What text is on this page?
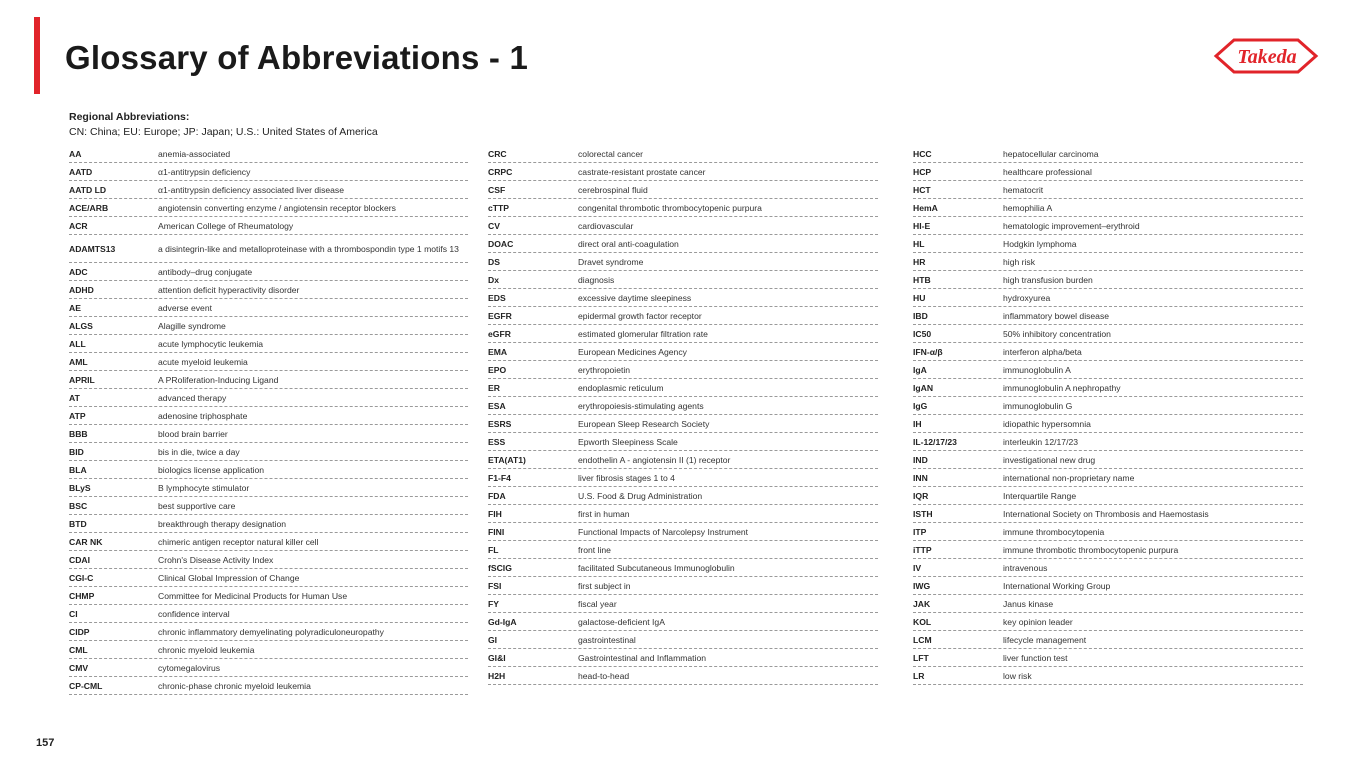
Glossary of Abbreviations - 1	Takeda
Regional Abbreviations:
CN: China; EU: Europe; JP: Japan; U.S.: United States of America
AA	anemia-associated
AATD	α1-antitrypsin deficiency
AATD LD	α1-antitrypsin deficiency associated liver disease
ACE/ARB	angiotensin converting enzyme / angiotensin receptor blockers
ACR	American College of Rheumatology
ADAMTS13	a disintegrin-like and metalloproteinase with a thrombospondin type 1 motifs 13
ADC	antibody–drug conjugate
ADHD	attention deficit hyperactivity disorder
AE	adverse event
ALGS	Alagille syndrome
ALL	acute lymphocytic leukemia
AML	acute myeloid leukemia
APRIL	A PRoliferation-Inducing Ligand
AT	advanced therapy
ATP	adenosine triphosphate
BBB	blood brain barrier
BID	bis in die, twice a day
BLA	biologics license application
BLyS	B lymphocyte stimulator
BSC	best supportive care
BTD	breakthrough therapy designation
CAR NK	chimeric antigen receptor natural killer cell
CDAI	Crohn's Disease Activity Index
CGI-C	Clinical Global Impression of Change
CHMP	Committee for Medicinal Products for Human Use
CI	confidence interval
CIDP	chronic inflammatory demyelinating polyradiculoneuropathy
CML	chronic myeloid leukemia
CMV	cytomegalovirus
CP-CML	chronic-phase chronic myeloid leukemia
CRC	colorectal cancer
CRPC	castrate-resistant prostate cancer
CSF	cerebrospinal fluid
cTTP	congenital thrombotic thrombocytopenic purpura
CV	cardiovascular
DOAC	direct oral anti-coagulation
DS	Dravet syndrome
Dx	diagnosis
EDS	excessive daytime sleepiness
EGFR	epidermal growth factor receptor
eGFR	estimated glomerular filtration rate
EMA	European Medicines Agency
EPO	erythropoietin
ER	endoplasmic reticulum
ESA	erythropoiesis-stimulating agents
ESRS	European Sleep Research Society
ESS	Epworth Sleepiness Scale
ETA(AT1)	endothelin A - angiotensin II (1) receptor
F1-F4	liver fibrosis stages 1 to 4
FDA	U.S. Food & Drug Administration
FIH	first in human
FINI	Functional Impacts of Narcolepsy Instrument
FL	front line
fSCIG	facilitated Subcutaneous Immunoglobulin
FSI	first subject in
FY	fiscal year
Gd-IgA	galactose-deficient IgA
GI	gastrointestinal
GI&I	Gastrointestinal and Inflammation
H2H	head-to-head
HCC	hepatocellular carcinoma
HCP	healthcare professional
HCT	hematocrit
HemA	hemophilia A
HI-E	hematologic improvement–erythroid
HL	Hodgkin lymphoma
HR	high risk
HTB	high transfusion burden
HU	hydroxyurea
IBD	inflammatory bowel disease
IC50	50% inhibitory concentration
IFN-α/β	interferon alpha/beta
IgA	immunoglobulin A
IgAN	immunoglobulin A nephropathy
IgG	immunoglobulin G
IH	idiopathic hypersomnia
IL-12/17/23	interleukin 12/17/23
IND	investigational new drug
INN	international non-proprietary name
IQR	Interquartile Range
ISTH	International Society on Thrombosis and Haemostasis
ITP	immune thrombocytopenia
iTTP	immune thrombotic thrombocytopenic purpura
IV	intravenous
IWG	International Working Group
JAK	Janus kinase
KOL	key opinion leader
LCM	lifecycle management
LFT	liver function test
LR	low risk
157
